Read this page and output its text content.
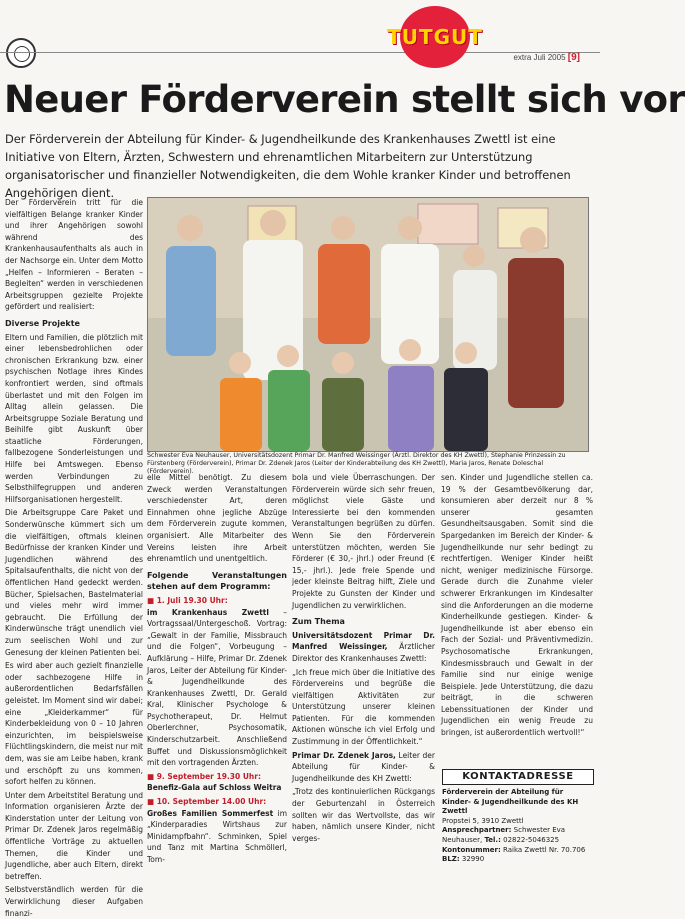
TUTGUT
extra Juli 2005 [9]
Neuer Förderverein stellt sich vor
Der Förderverein der Abteilung für Kinder- & Jugendheilkunde des Krankenhauses Zwettl ist eine Initiative von Eltern, Ärzten, Schwestern und ehrenamtlichen Mitarbeitern zur Unterstützung organisatorischer und finanzieller Notwendigkeiten, die dem Wohle kranker Kinder und betroffenen Angehörigen dient.

Der Förderverein tritt für die vielfältigen Belange kranker Kinder und ihrer Angehörigen sowohl während des Krankenhausaufenthalts als auch in der Nachsorge ein. Unter dem Motto „Helfen – Informieren – Beraten – Begleiten“ werden in verschiedenen Arbeitsgruppen gezielte Projekte gefördert und realisiert:

Diverse Projekte

Eltern und Familien, die plötzlich mit einer lebensbedrohlichen oder chronischen Erkrankung bzw. einer psychischen Notlage ihres Kindes konfrontiert werden, sind oftmals überlastet und mit den Folgen im Alltag allein gelassen. Die Arbeitsgruppe Soziale Beratung und Beihilfe gibt Auskunft über staatliche Förderungen, fallbezogene Sonderleistungen und Hilfe bei Amtswegen. Ebenso werden Verbindungen zu Selbsthilfegruppen und anderen Hilfsorganisationen hergestellt.

Die Arbeitsgruppe Care Paket und Sonderwünsche kümmert sich um die vielfältigen, oftmals kleinen Bedürfnisse der kranken Kinder und Jugendlichen während des Spitalsaufenthalts, die nicht von der öffentlichen Hand gedeckt werden. Bücher, Spielsachen, Bastelmaterial und vieles mehr wird immer gebraucht. Die Erfüllung der Kinderwünsche trägt unendlich viel zum seelischen Wohl und zur Genesung der kleinen Patienten bei.

Es wird aber auch gezielt finanzielle oder sachbezogene Hilfe in außerordentlichen Bedarfsfällen geleistet. Im Moment sind wir dabei; eine „Kleiderkammer“ für Kinderbekleidung von 0 – 10 Jahren einzurichten, im beispielsweise Flüchtlingskindern, die meist nur mit dem, was sie am Leibe haben, krank und erschöpft zu uns kommen, sofort helfen zu können.

Unter dem Arbeitstitel Beratung und Information organisieren Ärzte der Kinderstation unter der Leitung von Primar Dr. Zdenek Jaros regelmäßig öffentliche Vorträge zu aktuellen Themen, die Kinder und Jugendliche, aber auch Eltern, direkt betreffen.

Selbstverständlich werden für die Verwirklichung dieser Aufgaben finanzi-

Schwester Eva Neuhauser, Universitätsdozent Primar Dr. Manfred Weissinger (Ärztl. Direktor des KH Zwettl), Stephanie Prinzessin zu Fürstenberg (Förderverein), Primar Dr. Zdenek Jaros (Leiter der Kinderabteilung des KH Zwettl), Maria Jaros, Renate Doleschal (Förderverein).

elle Mittel benötigt. Zu diesem Zweck werden Veranstaltungen verschiedenster Art, deren Einnahmen ohne jegliche Abzüge dem Förderverein zugute kommen, organisiert. Alle Mitarbeiter des Vereins leisten ihre Arbeit ehrenamtlich und unentgeltlich.

Folgende Veranstaltungen stehen auf dem Programm:
■ 1. Juli 19.30 Uhr:

im Krankenhaus Zwettl – Vortragssaal/Untergeschoß. Vortrag: „Gewalt in der Familie, Missbrauch und die Folgen“, Vorbeugung – Aufklärung – Hilfe, Primar Dr. Zdenek Jaros, Leiter der Abteilung für Kinder- & Jugendheilkunde des Krankenhauses Zwettl, Dr. Gerald Kral, Klinischer Psychologe & Psychotherapeut, Dr. Helmut Oberlerchner, Psychosomatik, Kinderschutzarbeit. Anschließend Buffet und Diskussionsmöglichkeit mit den vortragenden Ärzten.

■ 9. September 19.30 Uhr:

Benefiz-Gala auf Schloss Weitra

■ 10. September 14.00 Uhr:

Großes Familien Sommerfest im „Kinderparadies Wirtshaus zur Minidampfbahn“. Schminken, Spiel und Tanz mit Martina Schmöllerl, Tom-

bola und viele Überraschungen. Der Förderverein würde sich sehr freuen, möglichst viele Gäste und Interessierte bei den kommenden Veranstaltungen begrüßen zu dürfen. Wenn Sie den Förderverein unterstützen möchten, werden Sie Förderer (€ 30,- jhrl.) oder Freund (€ 15,- jhrl.). Jede freie Spende und jeder kleinste Beitrag hilft, Ziele und Projekte zu Gunsten der Kinder und Jugendlichen zu verwirklichen.

Zum Thema

Universitätsdozent Primar Dr. Manfred Weissinger, Ärztlicher Direktor des Krankenhauses Zwettl:

„Ich freue mich über die Initiative des Fördervereins und begrüße die vielfältigen Aktivitäten zur Unterstützung unserer kleinen Patienten. Für die kommenden Aktionen wünsche ich viel Erfolg und Zustimmung in der Öffentlichkeit.“

Primar Dr. Zdenek Jaros, Leiter der Abteilung für Kinder- & Jugendheilkunde des KH Zwettl:

„Trotz des kontinuierlichen Rückgangs der Geburtenzahl in Österreich sollten wir das Wertvollste, das wir haben, nämlich unsere Kinder, nicht verges-

sen. Kinder und Jugendliche stellen ca. 19 % der Gesamtbevölkerung dar, konsumieren aber derzeit nur 8 % unserer gesamten Gesundheitsausgaben. Somit sind die Spargedanken im Bereich der Kinder- & Jugendheilkunde nur sehr bedingt zu rechtfertigen. Weniger Kinder heißt nicht, weniger medizinische Fürsorge. Gerade durch die Zunahme vieler schwerer Erkrankungen im Kindesalter sind die Anforderungen an die moderne Kinderheilkunde gestiegen. Kinder- & Jugendheilkunde ist aber ebenso ein Fach der Sozial- und Präventivmedizin. Psychosomatische Erkrankungen, Kindesmissbrauch und Gewalt in der Familie sind nur einige wenige Beispiele. Jede Unterstützung, die dazu beiträgt, in die schweren Lebenssituationen der Kinder und Jugendlichen ein wenig Freude zu bringen, ist außerordentlich wertvoll!“

KONTAKTADRESSE
Förderverein der Abteilung für Kinder- & Jugendheilkunde des KH Zwettl
Propstei 5, 3910 Zwettl
Ansprechpartner: Schwester Eva Neuhauser, Tel.: 02822-5046325
Kontonummer: Raika Zwettl Nr. 70.706
BLZ: 32990
